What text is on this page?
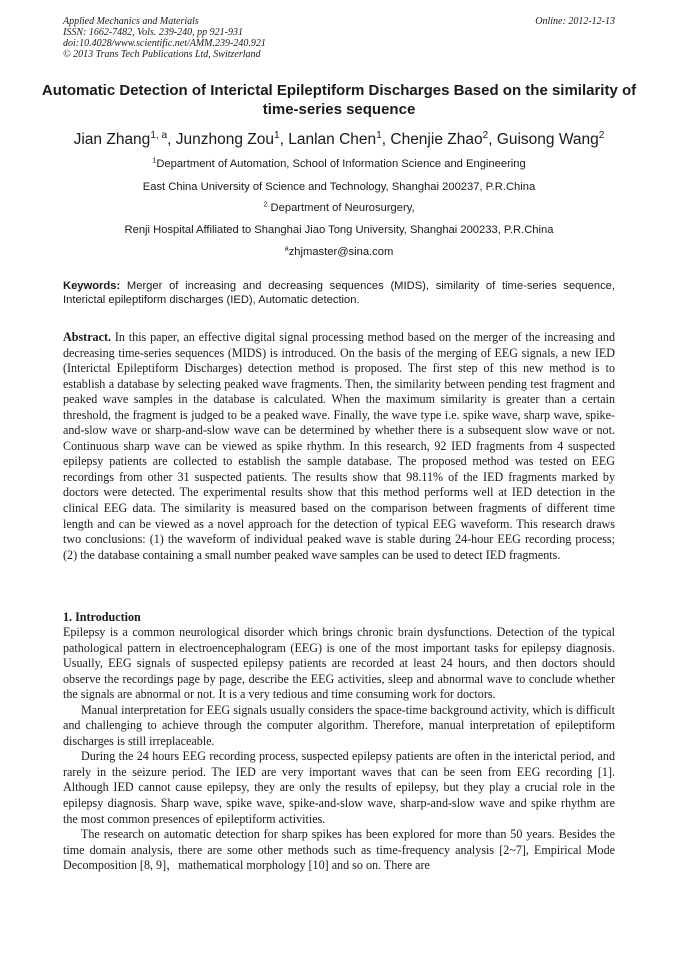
Applied Mechanics and Materials
ISSN: 1662-7482, Vols. 239-240, pp 921-931
doi:10.4028/www.scientific.net/AMM.239-240.921
© 2013 Trans Tech Publications Ltd, Switzerland
Online: 2012-12-13
Automatic Detection of Interictal Epileptiform Discharges Based on the similarity of time-series sequence
Jian Zhang$^{1, a}$, Junzhong Zou$^1$, Lanlan Chen$^1$, Chenjie Zhao$^2$, Guisong Wang$^2$
$^1$Department of Automation, School of Information Science and Engineering
East China University of Science and Technology, Shanghai 200237, P.R.China
$^2$ Department of Neurosurgery,
Renji Hospital Affiliated to Shanghai Jiao Tong University, Shanghai 200233, P.R.China
$^a$zhjmaster@sina.com
Keywords: Merger of increasing and decreasing sequences (MIDS), similarity of time-series sequence, Interictal epileptiform discharges (IED), Automatic detection.
Abstract. In this paper, an effective digital signal processing method based on the merger of the increasing and decreasing time-series sequences (MIDS) is introduced. On the basis of the merging of EEG signals, a new IED (Interictal Epileptiform Discharges) detection method is proposed. The first step of this new method is to establish a database by selecting peaked wave fragments. Then, the similarity between pending test fragment and peaked wave samples in the database is calculated. When the maximum similarity is greater than a certain threshold, the fragment is judged to be a peaked wave. Finally, the wave type i.e. spike wave, sharp wave, spike-and-slow wave or sharp-and-slow wave can be determined by whether there is a subsequent slow wave or not. Continuous sharp wave can be viewed as spike rhythm. In this research, 92 IED fragments from 4 suspected epilepsy patients are collected to establish the sample database. The proposed method was tested on EEG recordings from other 31 suspected patients. The results show that 98.11% of the IED fragments marked by doctors were detected. The experimental results show that this method performs well at IED detection in the clinical EEG data. The similarity is measured based on the comparison between fragments of different time length and can be viewed as a novel approach for the detection of typical EEG waveform. This research draws two conclusions: (1) the waveform of individual peaked wave is stable during 24-hour EEG recording process; (2) the database containing a small number peaked wave samples can be used to detect IED fragments.
1. Introduction

Epilepsy is a common neurological disorder which brings chronic brain dysfunctions. Detection of the typical pathological pattern in electroencephalogram (EEG) is one of the most important tasks for epilepsy diagnosis. Usually, EEG signals of suspected epilepsy patients are recorded at least 24 hours, and then doctors should observe the recordings page by page, describe the EEG activities, sleep and abnormal wave to conclude whether the signals are abnormal or not. It is a very tedious and time consuming work for doctors.

Manual interpretation for EEG signals usually considers the space-time background activity, which is difficult and challenging to achieve through the computer algorithm. Therefore, manual interpretation of epileptiform discharges is still irreplaceable.

During the 24 hours EEG recording process, suspected epilepsy patients are often in the interictal period, and rarely in the seizure period. The IED are very important waves that can be seen from EEG recording [1]. Although IED cannot cause epilepsy, they are only the results of epilepsy, but they play a crucial role in the epilepsy diagnosis. Sharp wave, spike wave, spike-and-slow wave, sharp-and-slow wave and spike rhythm are the most common presences of epileptiform activities.

The research on automatic detection for sharp spikes has been explored for more than 50 years. Besides the time domain analysis, there are some other methods such as time-frequency analysis [2~7], Empirical Mode Decomposition [8, 9]，mathematical morphology [10] and so on. There are
